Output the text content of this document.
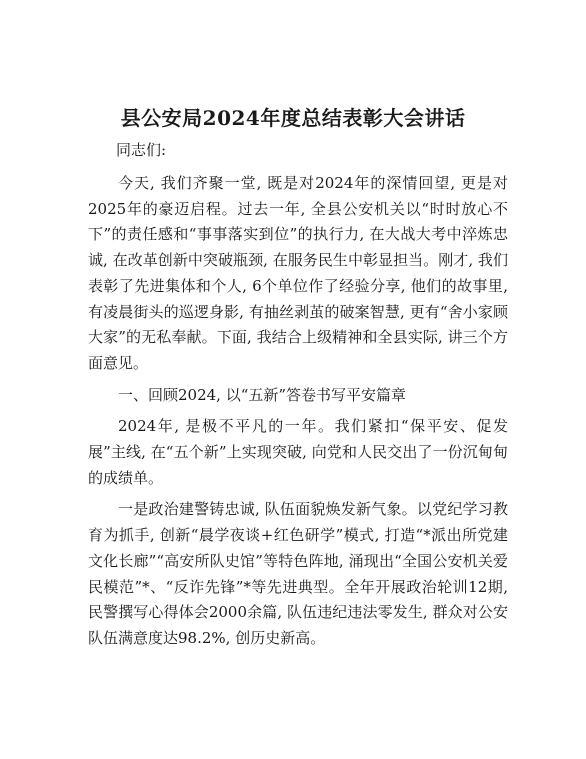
县公安局2024年度总结表彰大会讲话
同志们:

今天, 我们齐聚一堂, 既是对2024年的深情回望, 更是对2025年的豪迈启程。过去一年, 全县公安机关以“时时放心不下”的责任感和“事事落实到位”的执行力, 在大战大考中淬炼忠诚, 在改革创新中突破瓶颈, 在服务民生中彰显担当。刚才, 我们表彰了先进集体和个人, 6个单位作了经验分享, 他们的故事里, 有凌晨街头的巡逻身影, 有抽丝剥茧的破案智慧, 更有“舍小家顾大家”的无私奉献。下面, 我结合上级精神和全县实际, 讲三个方面意见。

一、回顾2024, 以“五新”答卷书写平安篇章

2024年, 是极不平凡的一年。我们紧扣“保平安、促发展”主线, 在“五个新”上实现突破, 向党和人民交出了一份沉甸甸的成绩单。

一是政治建警铸忠诚, 队伍面貌焕发新气象。以党纪学习教育为抓手, 创新“晨学夜谈+红色研学”模式, 打造“*派出所党建文化长廊”“高安所队史馆”等特色阵地, 涌现出“全国公安机关爱民模范”*、“反诈先锋”*等先进典型。全年开展政治轮训12期, 民警撰写心得体会2000余篇, 队伍违纪违法零发生, 群众对公安队伍满意度达98.2%, 创历史新高。
